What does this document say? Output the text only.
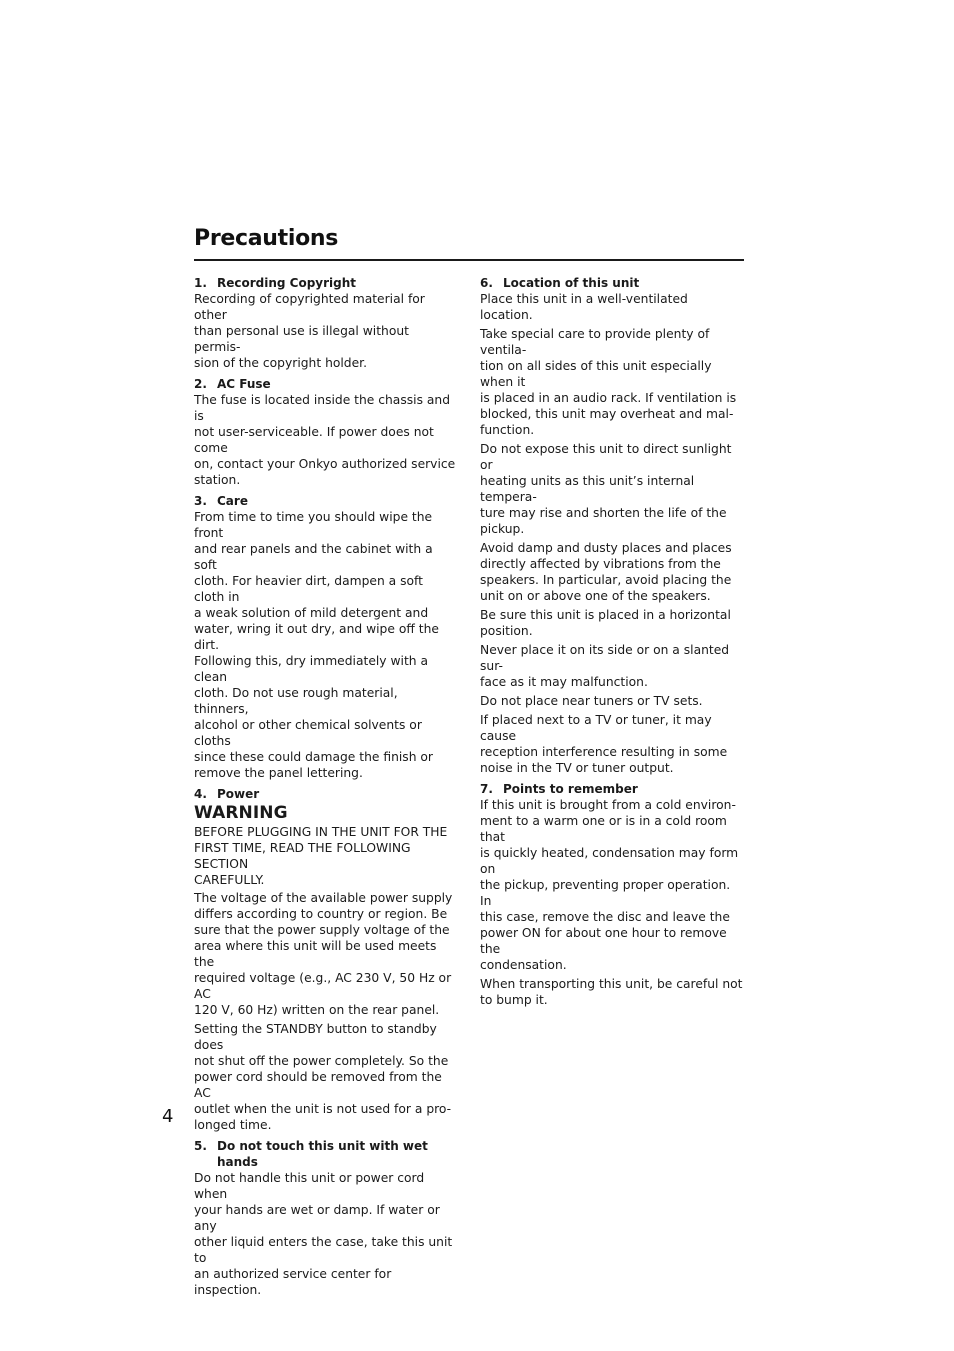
Precautions

1. Recording Copyright

Recording of copyrighted material for other
than personal use is illegal without permis-
sion of the copyright holder.

2. AC Fuse

The fuse is located inside the chassis and is
not user-serviceable. If power does not come
on, contact your Onkyo authorized service
station.

3. Care

From time to time you should wipe the front
and rear panels and the cabinet with a soft
cloth. For heavier dirt, dampen a soft cloth in
a weak solution of mild detergent and
water, wring it out dry, and wipe off the dirt.
Following this, dry immediately with a clean
cloth. Do not use rough material, thinners,
alcohol or other chemical solvents or cloths
since these could damage the finish or
remove the panel lettering.

4. Power

WARNING

BEFORE PLUGGING IN THE UNIT FOR THE
FIRST TIME, READ THE FOLLOWING SECTION
CAREFULLY.

The voltage of the available power supply
differs according to country or region. Be
sure that the power supply voltage of the
area where this unit will be used meets the
required voltage (e.g., AC 230 V, 50 Hz or AC
120 V, 60 Hz) written on the rear panel.

Setting the STANDBY button to standby does
not shut off the power completely. So the
power cord should be removed from the AC
outlet when the unit is not used for a pro-
longed time.

5. Do not touch this unit with wet hands

Do not handle this unit or power cord when
your hands are wet or damp. If water or any
other liquid enters the case, take this unit to
an authorized service center for inspection.

6. Location of this unit

Place this unit in a well-ventilated location.

Take special care to provide plenty of ventila-
tion on all sides of this unit especially when it
is placed in an audio rack. If ventilation is
blocked, this unit may overheat and mal-
function.

Do not expose this unit to direct sunlight or
heating units as this unit’s internal tempera-
ture may rise and shorten the life of the
pickup.

Avoid damp and dusty places and places
directly affected by vibrations from the
speakers. In particular, avoid placing the
unit on or above one of the speakers.

Be sure this unit is placed in a horizontal
position.

Never place it on its side or on a slanted sur-
face as it may malfunction.

Do not place near tuners or TV sets.

If placed next to a TV or tuner, it may cause
reception interference resulting in some
noise in the TV or tuner output.

7. Points to remember

If this unit is brought from a cold environ-
ment to a warm one or is in a cold room that
is quickly heated, condensation may form on
the pickup, preventing proper operation. In
this case, remove the disc and leave the
power ON for about one hour to remove the
condensation.

When transporting this unit, be careful not
to bump it.

4
